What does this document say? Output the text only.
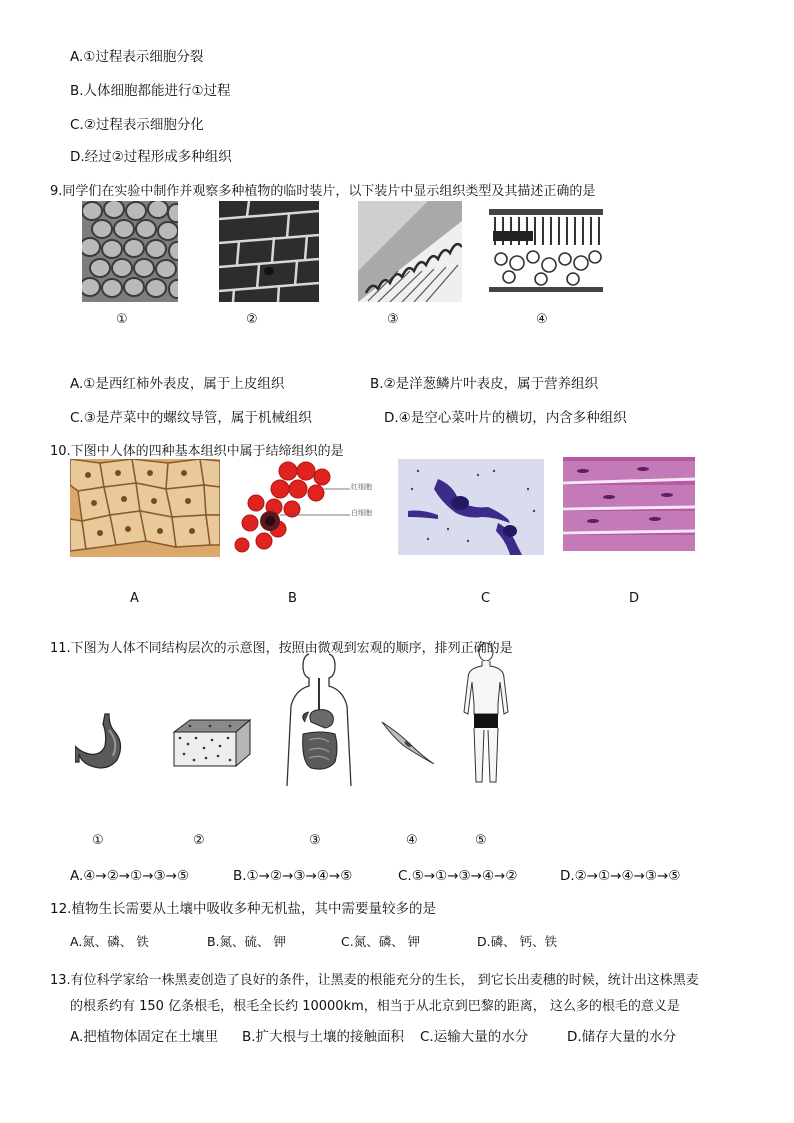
A.①过程表示细胞分裂
B.人体细胞都能进行①过程
C.②过程表示细胞分化
D.经过②过程形成多种组织
9.同学们在实验中制作并观察多种植物的临时装片，以下装片中显示组织类型及其描述正确的是
①	②	③	④
A.①是西红柿外表皮，属于上皮组织	B.②是洋葱鳞片叶表皮，属于营养组织
C.③是芹菜中的螺纹导管，属于机械组织	D.④是空心菜叶片的横切，内含多种组织
10.下图中人体的四种基本组织中属于结缔组织的是
红细胞
白细胞
A	B	C	D
11.下图为人体不同结构层次的示意图，按照由微观到宏观的顺序，排列正确的是
①	②	③	④	⑤
A.④→②→①→③→⑤	B.①→②→③→④→⑤	C.⑤→①→③→④→②	D.②→①→④→③→⑤
12.植物生长需要从土壤中吸收多种无机盐，其中需要量较多的是
A.氮、磷、 铁	B.氮、硫、 钾	C.氮、磷、 钾	D.磷、 钙、铁
13.有位科学家给一株黑麦创造了良好的条件，让黑麦的根能充分的生长， 到它长出麦穗的时候，统计出这株黑麦
的根系约有 150 亿条根毛，根毛全长约 10000km，相当于从北京到巴黎的距离， 这么多的根毛的意义是
A.把植物体固定在土壤里 B.扩大根与土壤的接触面积 C.运输大量的水分	D.储存大量的水分
